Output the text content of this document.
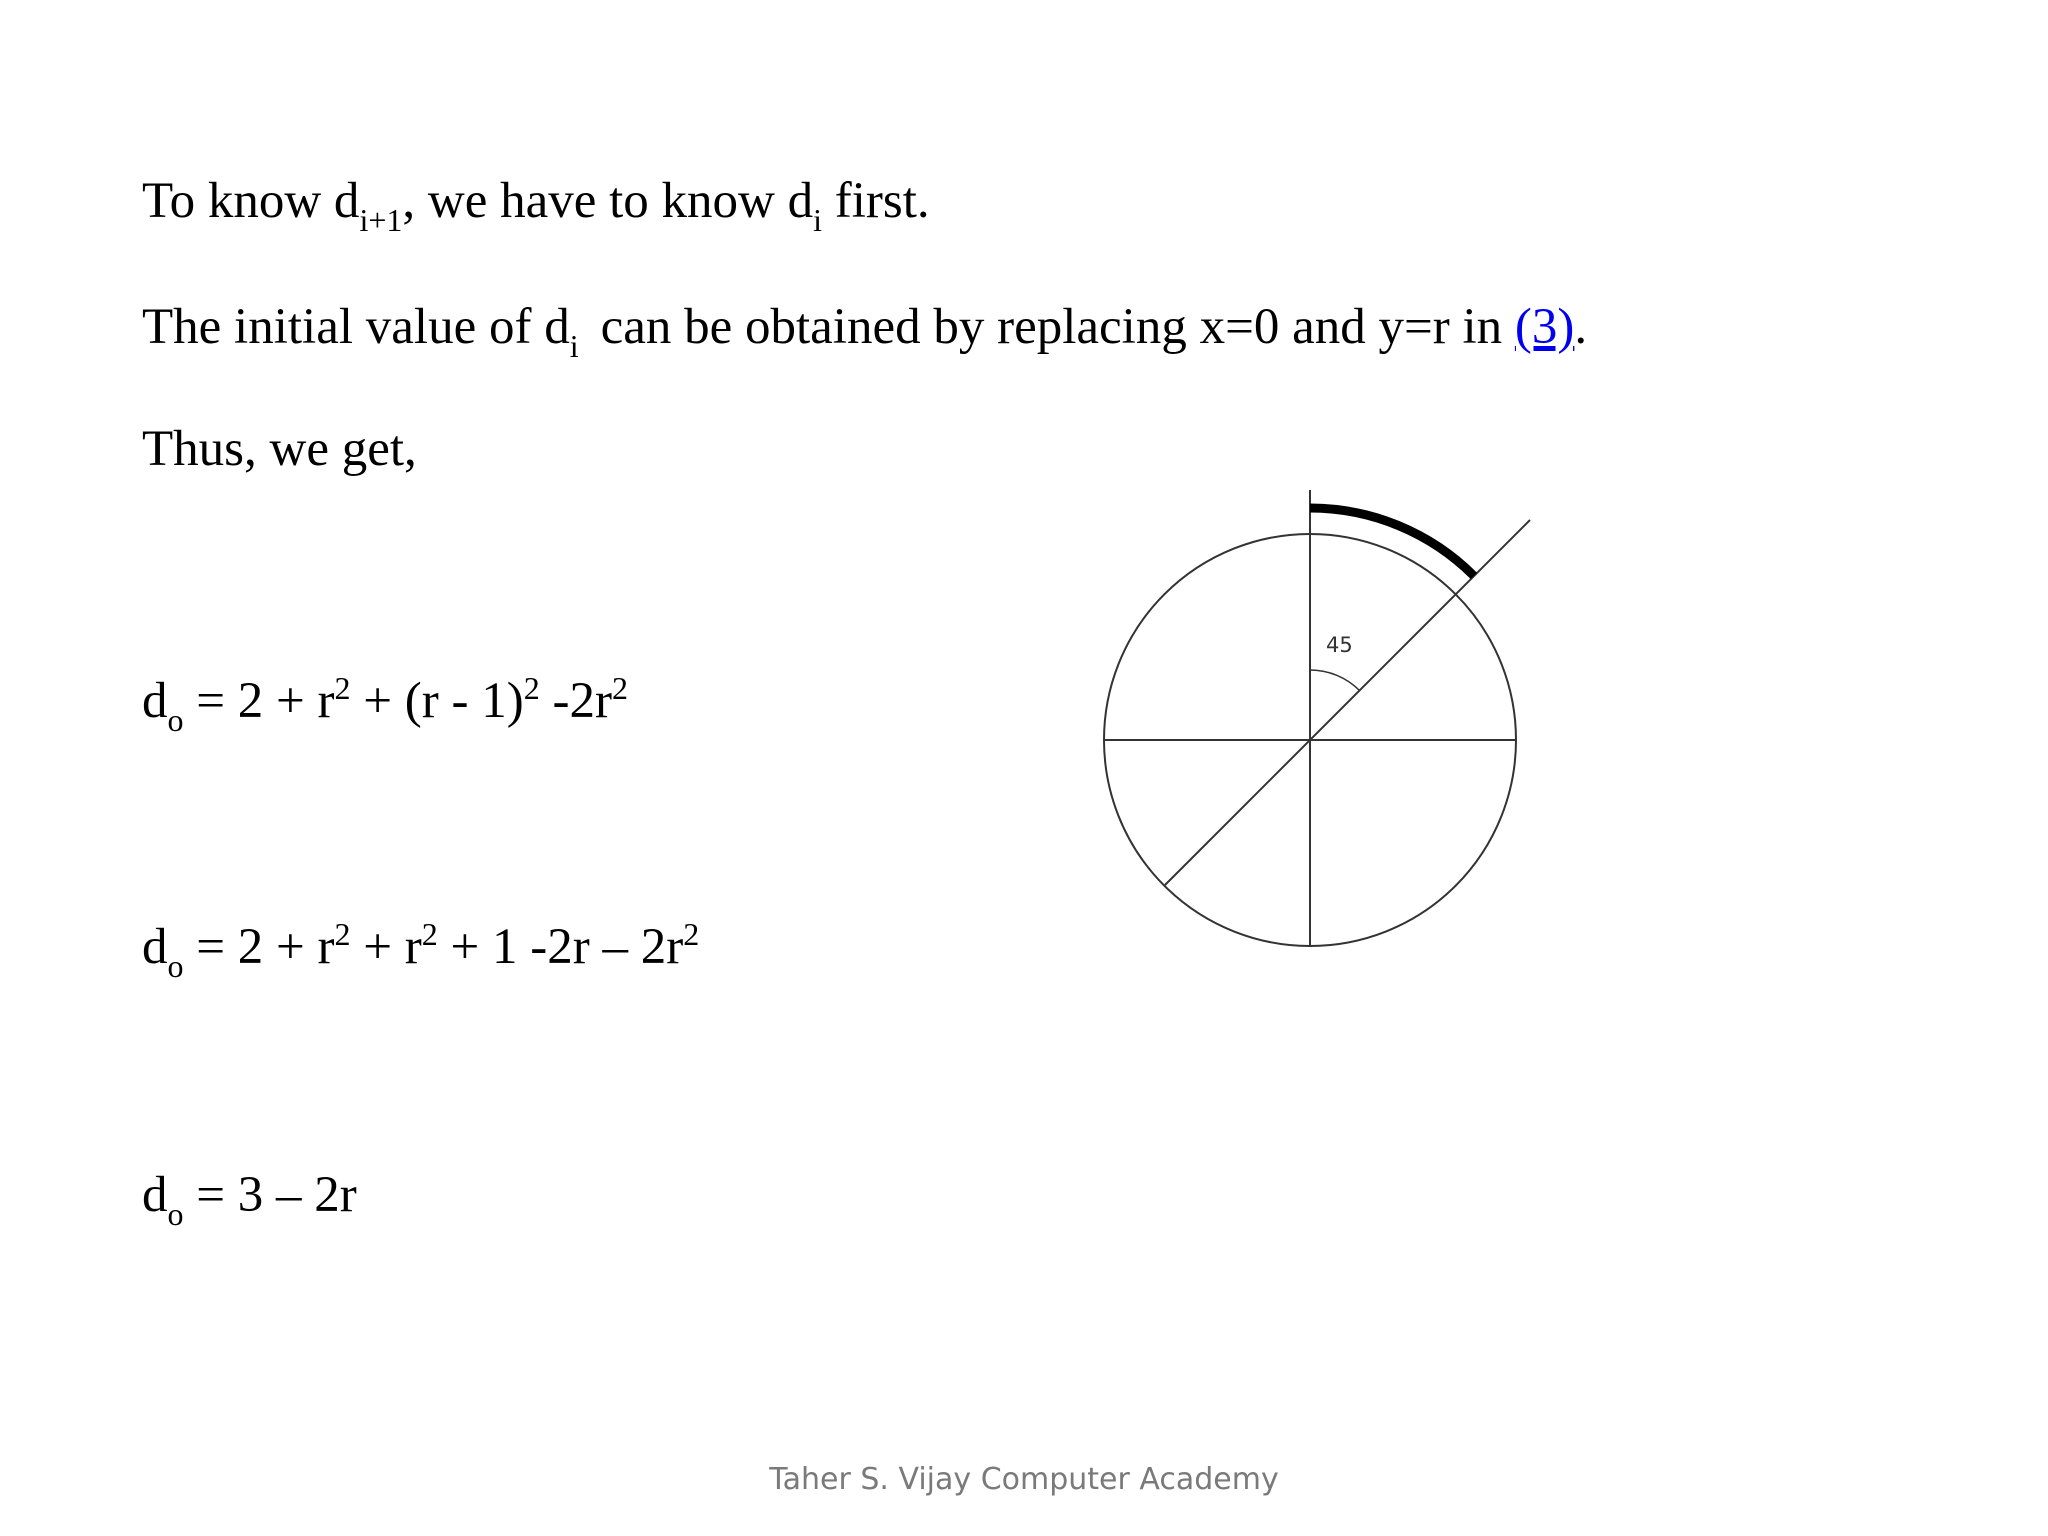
To know $d_{i+1}$, we have to know $d_i$ first.
The initial value of $d_i$ can be obtained by replacing x=0 and y=r in (3).
Thus, we get,
$d_o = 2 + r^2 + (r - 1)^2$ $-2r^2$
$d_o = 2 + r^2 + r^2 + 1$ $-2r - 2r^2$
$d_o = 3 - 2r$
45
Taher S. Vijay Computer Academy
